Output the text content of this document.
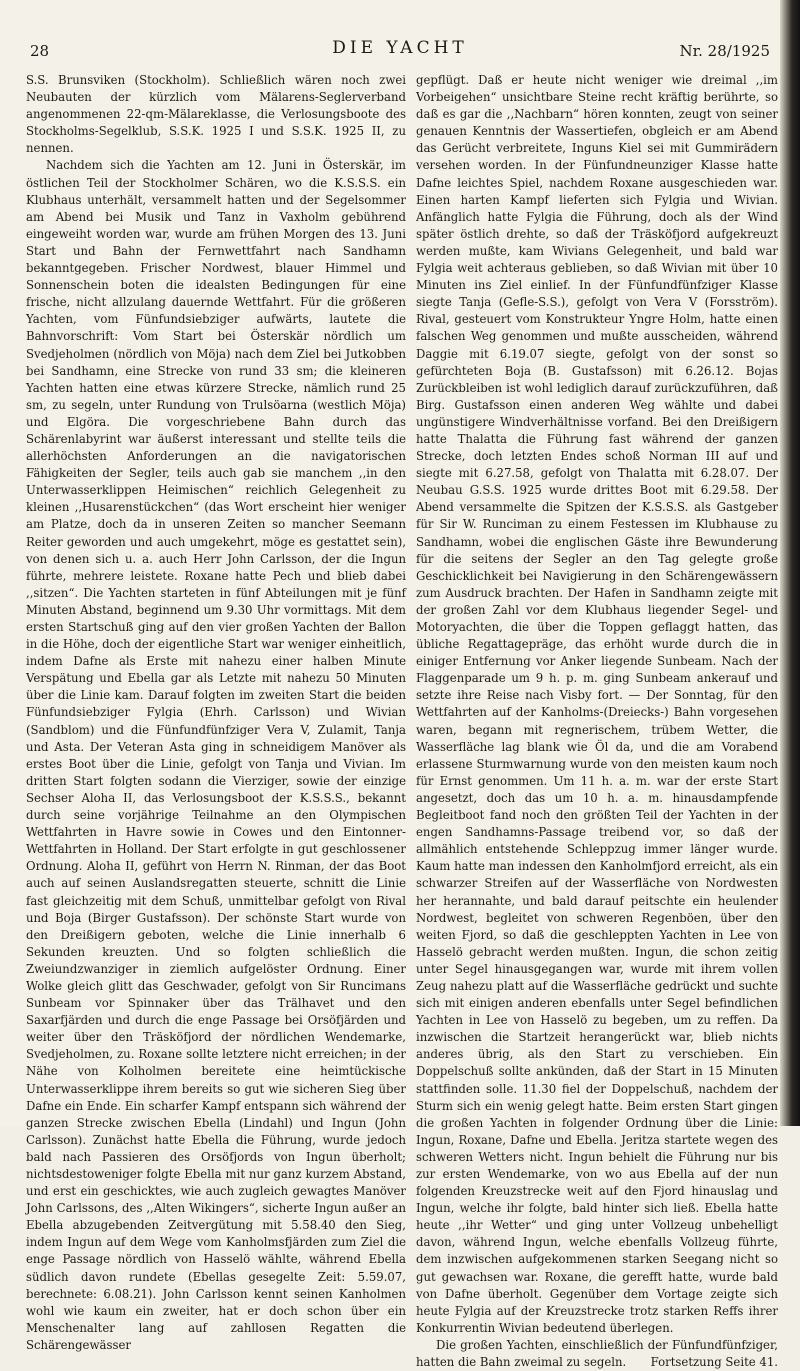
28	DIE YACHT	Nr. 28/1925

S.S. Brunsviken (Stockholm). Schließlich wären noch zwei Neubauten der kürzlich vom Mälarens-Seglerverband angenommenen 22-qm-Mälareklasse, die Verlosungsboote des Stockholms-Segelklub, S.S.K. 1925 I und S.S.K. 1925 II, zu nennen.

Nachdem sich die Yachten am 12. Juni in Österskär, im östlichen Teil der Stockholmer Schären, wo die K.S.S.S. ein Klubhaus unterhält, versammelt hatten und der Segelsommer am Abend bei Musik und Tanz in Vaxholm gebührend eingeweiht worden war, wurde am frühen Morgen des 13. Juni Start und Bahn der Fernwettfahrt nach Sandhamn bekanntgegeben. Frischer Nordwest, blauer Himmel und Sonnenschein boten die idealsten Bedingungen für eine frische, nicht allzulang dauernde Wettfahrt. Für die größeren Yachten, vom Fünfundsiebziger aufwärts, lautete die Bahnvorschrift: Vom Start bei Österskär nördlich um Svedjeholmen (nördlich von Möja) nach dem Ziel bei Jutkobben bei Sandhamn, eine Strecke von rund 33 sm; die kleineren Yachten hatten eine etwas kürzere Strecke, nämlich rund 25 sm, zu segeln, unter Rundung von Trulsöarna (westlich Möja) und Elgöra. Die vorgeschriebene Bahn durch das Schärenlabyrint war äußerst interessant und stellte teils die allerhöchsten Anforderungen an die navigatorischen Fähigkeiten der Segler, teils auch gab sie manchem ,,in den Unterwasserklippen Heimischen“ reichlich Gelegenheit zu kleinen ,,Husarenstückchen“ (das Wort erscheint hier weniger am Platze, doch da in unseren Zeiten so mancher Seemann Reiter geworden und auch umgekehrt, möge es gestattet sein), von denen sich u. a. auch Herr John Carlsson, der die Ingun führte, mehrere leistete. Roxane hatte Pech und blieb dabei ,,sitzen“. Die Yachten starteten in fünf Abteilungen mit je fünf Minuten Abstand, beginnend um 9.30 Uhr vormittags. Mit dem ersten Startschuß ging auf den vier großen Yachten der Ballon in die Höhe, doch der eigentliche Start war weniger einheitlich, indem Dafne als Erste mit nahezu einer halben Minute Verspätung und Ebella gar als Letzte mit nahezu 50 Minuten über die Linie kam. Darauf folgten im zweiten Start die beiden Fünfundsiebziger Fylgia (Ehrh. Carlsson) und Wivian (Sandblom) und die Fünfundfünfziger Vera V, Zulamit, Tanja und Asta. Der Veteran Asta ging in schneidigem Manöver als erstes Boot über die Linie, gefolgt von Tanja und Vivian. Im dritten Start folgten sodann die Vierziger, sowie der einzige Sechser Aloha II, das Verlosungsboot der K.S.S.S., bekannt durch seine vorjährige Teilnahme an den Olympischen Wettfahrten in Havre sowie in Cowes und den Eintonner-Wettfahrten in Holland. Der Start erfolgte in gut geschlossener Ordnung. Aloha II, geführt von Herrn N. Rinman, der das Boot auch auf seinen Auslandsregatten steuerte, schnitt die Linie fast gleichzeitig mit dem Schuß, unmittelbar gefolgt von Rival und Boja (Birger Gustafsson). Der schönste Start wurde von den Dreißigern geboten, welche die Linie innerhalb 6 Sekunden kreuzten. Und so folgten schließlich die Zweiundzwanziger in ziemlich aufgelöster Ordnung. Einer Wolke gleich glitt das Geschwader, gefolgt von Sir Runcimans Sunbeam vor Spinnaker über das Trälhavet und den Saxarfjärden und durch die enge Passage bei Orsöfjärden und weiter über den Träsköfjord der nördlichen Wendemarke, Svedjeholmen, zu. Roxane sollte letztere nicht erreichen; in der Nähe von Kolholmen bereitete eine heimtückische Unterwasserklippe ihrem bereits so gut wie sicheren Sieg über Dafne ein Ende. Ein scharfer Kampf entspann sich während der ganzen Strecke zwischen Ebella (Lindahl) und Ingun (John Carlsson). Zunächst hatte Ebella die Führung, wurde jedoch bald nach Passieren des Orsöfjords von Ingun überholt; nichtsdestoweniger folgte Ebella mit nur ganz kurzem Abstand, und erst ein geschicktes, wie auch zugleich gewagtes Manöver John Carlssons, des ,,Alten Wikingers“, sicherte Ingun außer an Ebella abzugebenden Zeitvergütung mit 5.58.40 den Sieg, indem Ingun auf dem Wege vom Kanholmsfjärden zum Ziel die enge Passage nördlich von Hasselö wählte, während Ebella südlich davon rundete (Ebellas gesegelte Zeit: 5.59.07, berechnete: 6.08.21). John Carlsson kennt seinen Kanholmen wohl wie kaum ein zweiter, hat er doch schon über ein Menschenalter lang auf zahllosen Regatten die Schärengewässer

gepflügt. Daß er heute nicht weniger wie dreimal ,,im Vorbeigehen“ unsichtbare Steine recht kräftig berührte, so daß es gar die ,,Nachbarn“ hören konnten, zeugt von seiner genauen Kenntnis der Wassertiefen, obgleich er am Abend das Gerücht verbreitete, Inguns Kiel sei mit Gummirädern versehen worden. In der Fünfundneunziger Klasse hatte Dafne leichtes Spiel, nachdem Roxane ausgeschieden war. Einen harten Kampf lieferten sich Fylgia und Wivian. Anfänglich hatte Fylgia die Führung, doch als der Wind später östlich drehte, so daß der Träsköfjord aufgekreuzt werden mußte, kam Wivians Gelegenheit, und bald war Fylgia weit achteraus geblieben, so daß Wivian mit über 10 Minuten ins Ziel einlief. In der Fünfundfünfziger Klasse siegte Tanja (Gefle-S.S.), gefolgt von Vera V (Forsström). Rival, gesteuert vom Konstrukteur Yngre Holm, hatte einen falschen Weg genommen und mußte ausscheiden, während Daggie mit 6.19.07 siegte, gefolgt von der sonst so gefürchteten Boja (B. Gustafsson) mit 6.26.12. Bojas Zurückbleiben ist wohl lediglich darauf zurückzuführen, daß Birg. Gustafsson einen anderen Weg wählte und dabei ungünstigere Windverhältnisse vorfand. Bei den Dreißigern hatte Thalatta die Führung fast während der ganzen Strecke, doch letzten Endes schoß Norman III auf und siegte mit 6.27.58, gefolgt von Thalatta mit 6.28.07. Der Neubau G.S.S. 1925 wurde drittes Boot mit 6.29.58. Der Abend versammelte die Spitzen der K.S.S.S. als Gastgeber für Sir W. Runciman zu einem Festessen im Klubhause zu Sandhamn, wobei die englischen Gäste ihre Bewunderung für die seitens der Segler an den Tag gelegte große Geschicklichkeit bei Navigierung in den Schärengewässern zum Ausdruck brachten. Der Hafen in Sandhamn zeigte mit der großen Zahl vor dem Klubhaus liegender Segel- und Motoryachten, die über die Toppen geflaggt hatten, das übliche Regattagepräge, das erhöht wurde durch die in einiger Entfernung vor Anker liegende Sunbeam. Nach der Flaggenparade um 9 h. p. m. ging Sunbeam ankerauf und setzte ihre Reise nach Visby fort. — Der Sonntag, für den Wettfahrten auf der Kanholms-(Dreiecks-) Bahn vorgesehen waren, begann mit regnerischem, trübem Wetter, die Wasserfläche lag blank wie Öl da, und die am Vorabend erlassene Sturmwarnung wurde von den meisten kaum noch für Ernst genommen. Um 11 h. a. m. war der erste Start angesetzt, doch das um 10 h. a. m. hinausdampfende Begleitboot fand noch den größten Teil der Yachten in der engen Sandhamns-Passage treibend vor, so daß der allmählich entstehende Schleppzug immer länger wurde. Kaum hatte man indessen den Kanholmfjord erreicht, als ein schwarzer Streifen auf der Wasserfläche von Nordwesten her herannahte, und bald darauf peitschte ein heulender Nordwest, begleitet von schweren Regenböen, über den weiten Fjord, so daß die geschleppten Yachten in Lee von Hasselö gebracht werden mußten. Ingun, die schon zeitig unter Segel hinausgegangen war, wurde mit ihrem vollen Zeug nahezu platt auf die Wasserfläche gedrückt und suchte sich mit einigen anderen ebenfalls unter Segel befindlichen Yachten in Lee von Hasselö zu begeben, um zu reffen. Da inzwischen die Startzeit herangerückt war, blieb nichts anderes übrig, als den Start zu verschieben. Ein Doppelschuß sollte ankünden, daß der Start in 15 Minuten stattfinden solle. 11.30 fiel der Doppelschuß, nachdem der Sturm sich ein wenig gelegt hatte. Beim ersten Start gingen die großen Yachten in folgender Ordnung über die Linie: Ingun, Roxane, Dafne und Ebella. Jeritza startete wegen des schweren Wetters nicht. Ingun behielt die Führung nur bis zur ersten Wendemarke, von wo aus Ebella auf der nun folgenden Kreuzstrecke weit auf den Fjord hinauslag und Ingun, welche ihr folgte, bald hinter sich ließ. Ebella hatte heute ,,ihr Wetter“ und ging unter Vollzeug unbehelligt davon, während Ingun, welche ebenfalls Vollzeug führte, dem inzwischen aufgekommenen starken Seegang nicht so gut gewachsen war. Roxane, die gerefft hatte, wurde bald von Dafne überholt. Gegenüber dem Vortage zeigte sich heute Fylgia auf der Kreuzstrecke trotz starken Reffs ihrer Konkurrentin Wivian bedeutend überlegen.

Die großen Yachten, einschließlich der Fünfundfünfziger, hatten die Bahn zweimal zu segeln.	Fortsetzung Seite 41.
